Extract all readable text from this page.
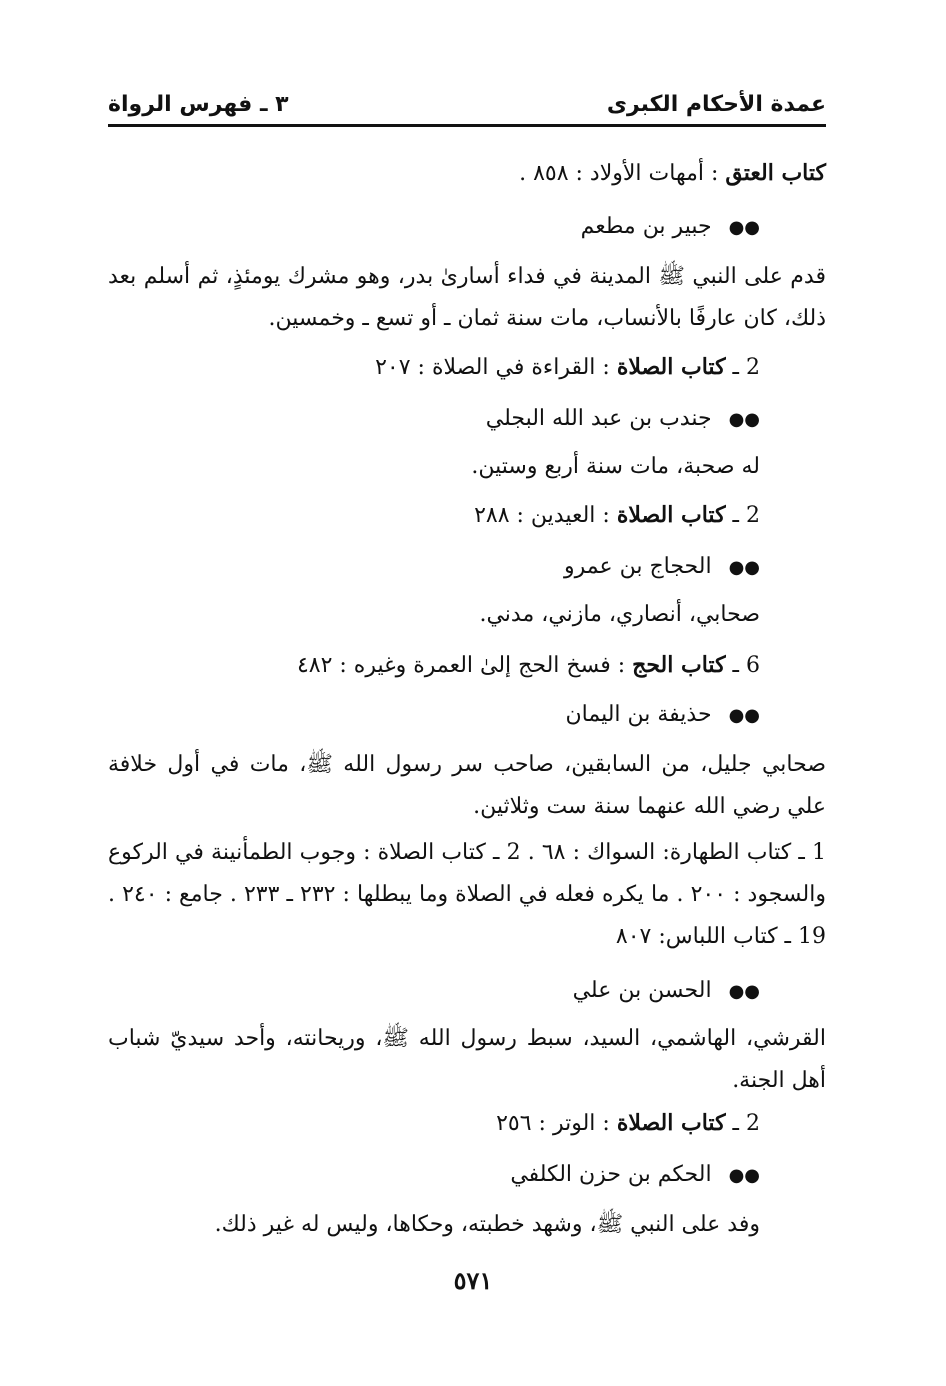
عمدة الأحكام الكبرى
٣ ـ فهرس الرواة
كتاب العتق : أمهات الأولاد : ٨٥٨ .
●● جبير بن مطعم
قدم على النبي ﷺ المدينة في فداء أسارىٰ بدر، وهو مشرك يومئذٍ، ثم أسلم بعد ذلك، كان عارفًا بالأنساب، مات سنة ثمان ـ أو تسع ـ وخمسين.
2 ـ كتاب الصلاة : القراءة في الصلاة : ٢٠٧
●● جندب بن عبد الله البجلي
له صحبة، مات سنة أربع وستين.
2 ـ كتاب الصلاة : العيدين : ٢٨٨
●● الحجاج بن عمرو
صحابي، أنصاري، مازني، مدني.
6 ـ كتاب الحج : فسخ الحج إلىٰ العمرة وغيره : ٤٨٢
●● حذيفة بن اليمان
صحابي جليل، من السابقين، صاحب سر رسول الله ﷺ، مات في أول خلافة علي رضي الله عنهما سنة ست وثلاثين.
1 ـ كتاب الطهارة: السواك : ٦٨ . 2 ـ كتاب الصلاة : وجوب الطمأنينة في الركوع والسجود : ٢٠٠ . ما يكره فعله في الصلاة وما يبطلها : ٢٣٢ ـ ٢٣٣ . جامع : ٢٤٠ . 19 ـ كتاب اللباس: ٨٠٧
●● الحسن بن علي
القرشي، الهاشمي، السيد، سبط رسول الله ﷺ، وريحانته، وأحد سيديّ شباب أهل الجنة.
2 ـ كتاب الصلاة : الوتر : ٢٥٦
●● الحكم بن حزن الكلفي
وفد على النبي ﷺ، وشهد خطبته، وحكاها، وليس له غير ذلك.
٥٧١
